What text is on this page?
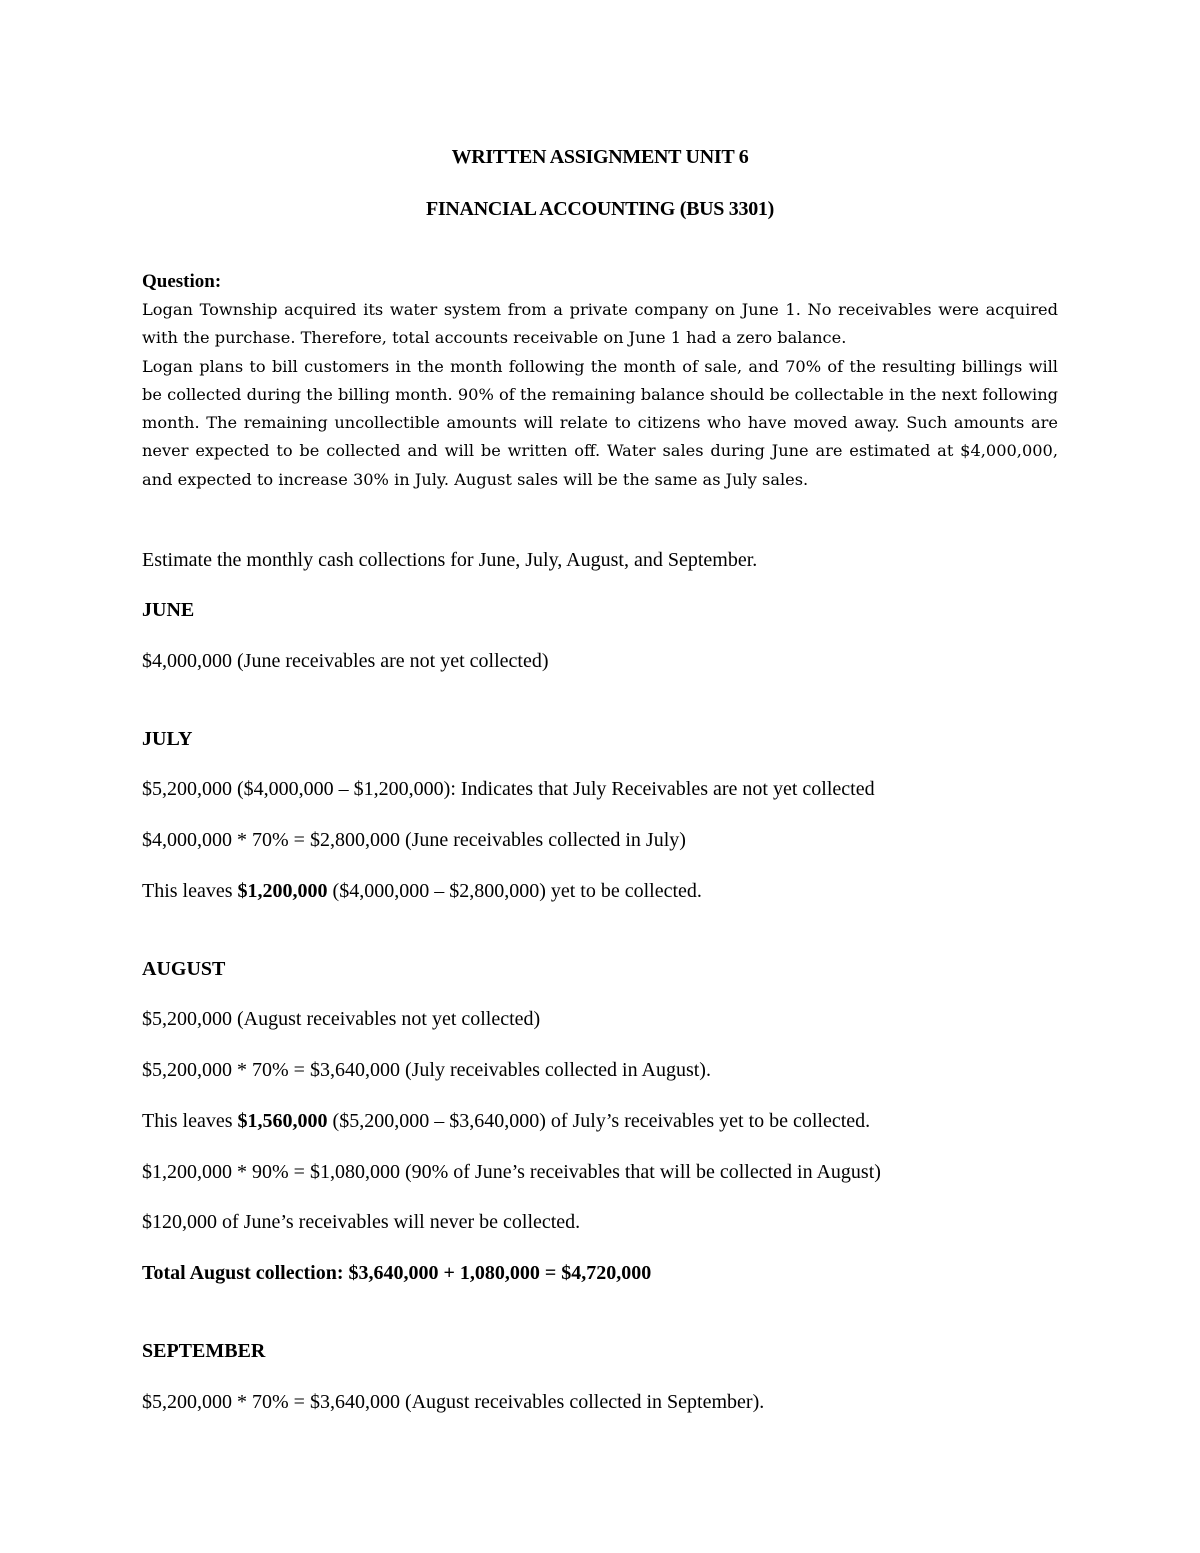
WRITTEN ASSIGNMENT UNIT 6
FINANCIAL ACCOUNTING (BUS 3301)
Question:

Logan Township acquired its water system from a private company on June 1. No receivables were acquired with the purchase. Therefore, total accounts receivable on June 1 had a zero balance.

Logan plans to bill customers in the month following the month of sale, and 70% of the resulting billings will be collected during the billing month. 90% of the remaining balance should be collectable in the next following month. The remaining uncollectible amounts will relate to citizens who have moved away. Such amounts are never expected to be collected and will be written off. Water sales during June are estimated at $4,000,000, and expected to increase 30% in July. August sales will be the same as July sales.

Estimate the monthly cash collections for June, July, August, and September.
JUNE
$4,000,000 (June receivables are not yet collected)
JULY
$5,200,000 ($4,000,000 – $1,200,000): Indicates that July Receivables are not yet collected
$4,000,000 * 70% = $2,800,000 (June receivables collected in July)
This leaves $1,200,000 ($4,000,000 – $2,800,000) yet to be collected.
AUGUST
$5,200,000 (August receivables not yet collected)
$5,200,000 * 70% = $3,640,000 (July receivables collected in August).
This leaves $1,560,000 ($5,200,000 – $3,640,000) of July’s receivables yet to be collected.
$1,200,000 * 90% = $1,080,000 (90% of June’s receivables that will be collected in August)
$120,000 of June’s receivables will never be collected.
Total August collection: $3,640,000 + 1,080,000 = $4,720,000
SEPTEMBER
$5,200,000 * 70% = $3,640,000 (August receivables collected in September).
